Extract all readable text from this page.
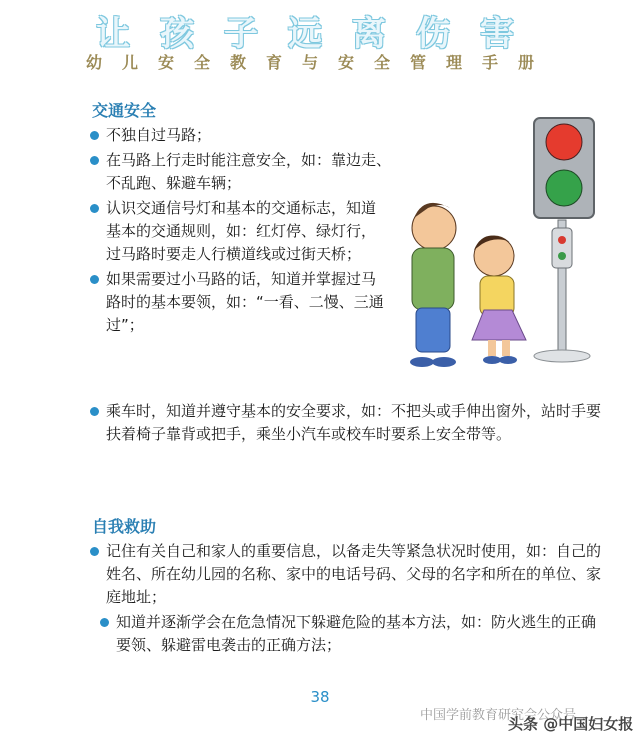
让孩子远离伤害
幼儿安全教育与安全管理手册
交通安全
不独自过马路；
在马路上行走时能注意安全，如：靠边走、不乱跑、躲避车辆；
认识交通信号灯和基本的交通标志，知道基本的交通规则，如：红灯停、绿灯行，过马路时要走人行横道线或过街天桥；
如果需要过小马路的话，知道并掌握过马路时的基本要领，如：“一看、二慢、三通过”；
乘车时，知道并遵守基本的安全要求，如：不把头或手伸出窗外，站时手要扶着椅子靠背或把手，乘坐小汽车或校车时要系上安全带等。
自我救助
记住有关自己和家人的重要信息，以备走失等紧急状况时使用，如：自己的姓名、所在幼儿园的名称、家中的电话号码、父母的名字和所在的单位、家庭地址；
知道并逐渐学会在危急情况下躲避危险的基本方法，如：防火逃生的正确要领、躲避雷电袭击的正确方法；
38
中国学前教育研究会公众号
头条 @中国妇女报
